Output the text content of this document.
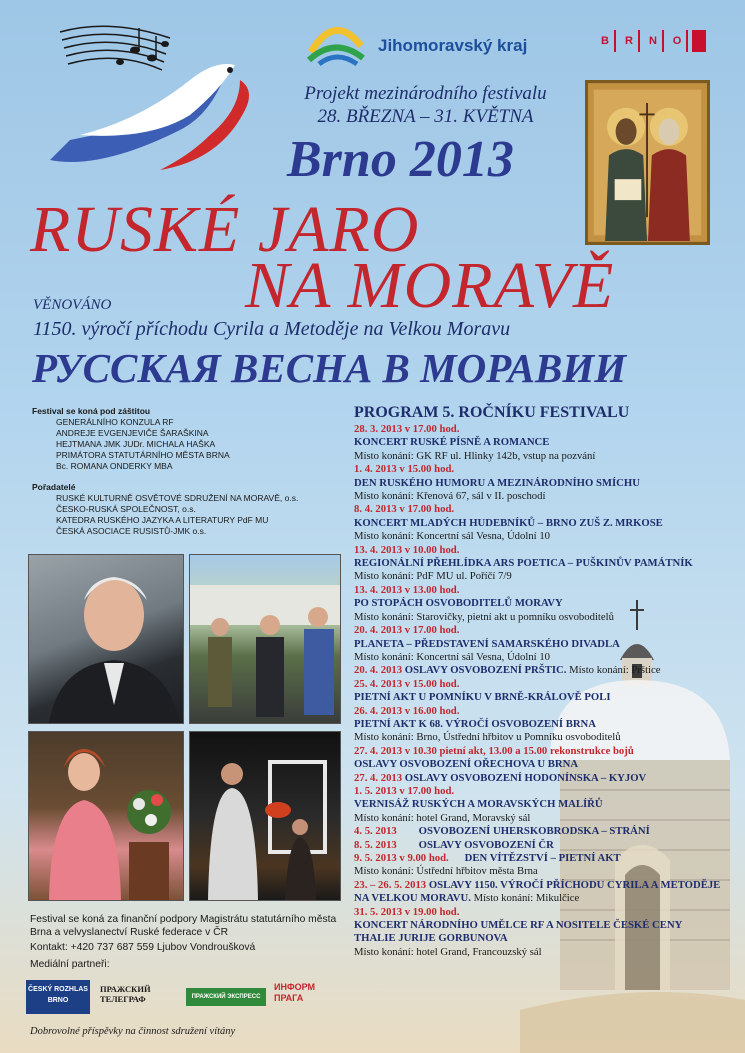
Jihomoravský kraj	B	R	N	O
Projekt mezinárodního festivalu
28. BŘEZNA – 31. KVĚTNA
Brno 2013
RUSKÉ JARO
NA MORAVĚ
VĚNOVÁNO
1150. výročí příchodu Cyrila a Metoděje na Velkou Moravu
РУССКАЯ ВЕСНА В МОРАВИИ
Festival se koná pod záštitou
GENERÁLNÍHO KONZULA RF
ANDREJE EVGENJEVIČE ŠARAŠKINA
HEJTMANA JMK JUDr. MICHALA HAŠKA
PRIMÁTORA STATUTÁRNÍHO MĚSTA BRNA
Bc. ROMANA ONDERKY MBA
Pořadatelé
RUSKÉ KULTURNĚ OSVĚTOVÉ SDRUŽENÍ NA MORAVĚ, o.s.
ČESKO-RUSKÁ SPOLEČNOST, o.s.
KATEDRA RUSKÉHO JAZYKA A LITERATURY PdF MU
ČESKÁ ASOCIACE RUSISTŮ-JMK o.s.
Festival se koná za finanční podpory Magistrátu statutárního města Brna a velvyslanectví Ruské federace v ČR
Kontakt: +420 737 687 559 Ljubov Vondroušková
Mediální partneři:
ČESKÝ ROZHLAS BRNO
ПРАЖСКИЙ ТЕЛЕГРАФ	ПРАЖСКИЙ ЭКСПРЕСС
ИНФОРМ ПРАГА
Dobrovolné příspěvky na činnost sdružení vítány
PROGRAM 5. ROČNÍKU FESTIVALU
28. 3. 2013 v 17.00 hod.
KONCERT RUSKÉ PÍSNĚ A ROMANCE
Místo konání: GK RF ul. Hlinky 142b, vstup na pozvání
1. 4. 2013 v 15.00 hod.
DEN RUSKÉHO HUMORU A MEZINÁRODNÍHO SMÍCHU
Místo konání: Křenová 67, sál v II. poschodí
8. 4. 2013 v 17.00 hod.
KONCERT MLADÝCH HUDEBNÍKŮ – BRNO ZUŠ Z. MRKOSE
Místo konání: Koncertní sál Vesna, Údolní 10
13. 4. 2013 v 10.00 hod.
REGIONÁLNÍ PŘEHLÍDKA ARS POETICA – PUŠKINŮV PAMÁTNÍK
Místo konání: PdF MU ul. Poříčí 7/9
13. 4. 2013 v 13.00 hod.
PO STOPÁCH OSVOBODITELŮ MORAVY
Místo konání: Starovičky, pietní akt u pomníku osvoboditelů
20. 4. 2013 v 17.00 hod.
PLANETA – PŘEDSTAVENÍ SAMARSKÉHO DIVADLA
Místo konání: Koncertní sál Vesna, Údolní 10
20. 4. 2013 OSLAVY OSVOBOZENÍ PRŠTIC. Místo konání: Prštice
25. 4. 2013 v 15.00 hod.
PIETNÍ AKT U POMNÍKU V BRNĚ-KRÁLOVĚ POLI
26. 4. 2013 v 16.00 hod.
PIETNÍ AKT K 68. VÝROČÍ OSVOBOZENÍ BRNA
Místo konání: Brno, Ústřední hřbitov u Pomníku osvoboditelů
27. 4. 2013 v 10.30 pietní akt, 13.00 a 15.00 rekonstrukce bojů
OSLAVY OSVOBOZENÍ OŘECHOVA U BRNA
27. 4. 2013 OSLAVY OSVOBOZENÍ HODONÍNSKA – KYJOV
1. 5. 2013 v 17.00 hod.
VERNISÁŽ RUSKÝCH A MORAVSKÝCH MALÍŘŮ
Místo konání: hotel Grand, Moravský sál
4. 5. 2013 OSVOBOZENÍ UHERSKOBRODSKA – STRÁNÍ
8. 5. 2013 OSLAVY OSVOBOZENÍ ČR
9. 5. 2013 v 9.00 hod. DEN VÍTĚZSTVÍ – PIETNÍ AKT
Místo konání: Ústřední hřbitov města Brna
23. – 26. 5. 2013 OSLAVY 1150. VÝROČÍ PŘÍCHODU CYRILA A METODĚJE NA VELKOU MORAVU. Místo konání: Mikulčice
31. 5. 2013 v 19.00 hod.
KONCERT NÁRODNÍHO UMĚLCE RF A NOSITELE ČESKÉ CENY THALIE JURIJE GORBUNOVA
Místo konání: hotel Grand, Francouzský sál
